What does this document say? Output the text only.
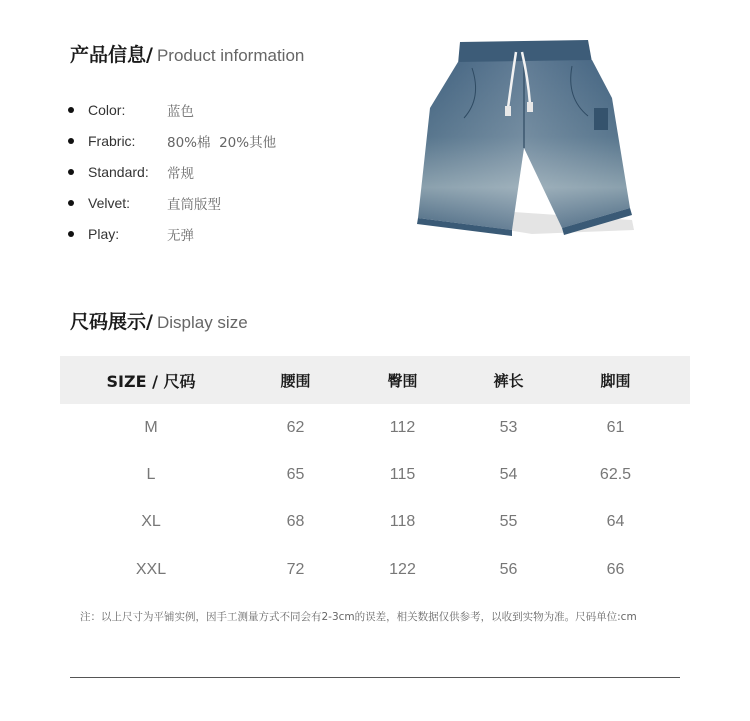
产品信息/ Product information
Color:	蓝色
Frabric:	80%棉  20%其他
Standard:	常规
Velvet:	直筒版型
Play:	无弹
尺码展示/ Display size
SIZE / 尺码	腰围	臀围	裤长	脚围
M	62	112	53	61
L	65	115	54	62.5
XL	68	118	55	64
XXL	72	122	56	66
注：以上尺寸为平铺实例，因手工测量方式不同会有2-3cm的误差，相关数据仅供参考，以收到实物为准。尺码单位:cm
